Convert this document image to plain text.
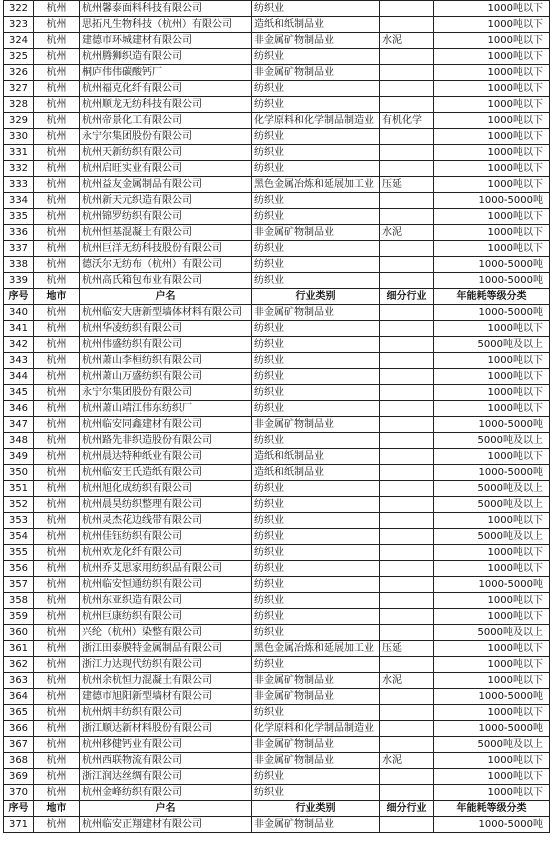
322	杭州	杭州馨泰面料科技有限公司	纺织业		1000吨以下
323	杭州	思拓凡生物科技（杭州）有限公司	造纸和纸制品业		1000吨以下
324	杭州	建德市环城建材有限公司	非金属矿物制品业	水泥	1000吨以下
325	杭州	杭州腾狮织造有限公司	纺织业		1000吨以下
326	杭州	桐庐伟伟碳酸钙厂	非金属矿物制品业		1000吨以下
327	杭州	杭州福克化纤有限公司	纺织业		1000吨以下
328	杭州	杭州顺龙无纺科技有限公司	纺织业		1000吨以下
329	杭州	杭州帝景化工有限公司	化学原料和化学制品制造业	有机化学	1000吨以下
330	杭州	永宁尔集团股份有限公司	纺织业		1000吨以下
331	杭州	杭州天新纺织有限公司	纺织业		1000吨以下
332	杭州	杭州启旺实业有限公司	纺织业		1000吨以下
333	杭州	杭州益友金属制品有限公司	黑色金属冶炼和延展加工业	压延	1000吨以下
334	杭州	杭州新天元织造有限公司	纺织业		1000-5000吨
335	杭州	杭州锦罗纺织有限公司	纺织业		1000吨以下
336	杭州	杭州恒基混凝土有限公司	非金属矿物制品业	水泥	1000吨以下
337	杭州	杭州巨洋无纺科技股份有限公司	纺织业		1000吨以下
338	杭州	德沃尔无纺布（杭州）有限公司	纺织业		1000-5000吨
339	杭州	杭州高氏箱包布业有限公司	纺织业		1000-5000吨
序号	地市	户名	行业类别	细分行业	年能耗等级分类
340	杭州	杭州临安大唐新型墙体材料有限公司	非金属矿物制品业		1000-5000吨
341	杭州	杭州华凌纺织有限公司	纺织业		1000吨以下
342	杭州	杭州伟盛纺织有限公司	纺织业		5000吨及以上
343	杭州	杭州萧山李桓纺织有限公司	纺织业		1000吨以下
344	杭州	杭州萧山万盛纺织有限公司	纺织业		1000吨以下
345	杭州	永宁尔集团股份有限公司	纺织业		1000吨以下
346	杭州	杭州萧山靖江伟东纺织厂	纺织业		1000吨以下
347	杭州	杭州临安同鑫建材有限公司	非金属矿物制品业		1000-5000吨
348	杭州	杭州路先非织造股份有限公司	纺织业		5000吨及以上
349	杭州	杭州晨达特种纸业有限公司	造纸和纸制品业		1000吨以下
350	杭州	杭州临安王氏造纸有限公司	造纸和纸制品业		1000-5000吨
351	杭州	杭州旭化成纺织有限公司	纺织业		5000吨及以上
352	杭州	杭州晨昊纺织整理有限公司	纺织业		5000吨及以上
353	杭州	杭州灵杰花边线带有限公司	纺织业		1000吨以下
354	杭州	杭州佳钰纺织有限公司	纺织业		5000吨及以上
355	杭州	杭州欢龙化纤有限公司	纺织业		1000吨以下
356	杭州	杭州乔艾思家用纺织品有限公司	纺织业		1000吨以下
357	杭州	杭州临安恒通纺织有限公司	纺织业		1000-5000吨
358	杭州	杭州东亚织造有限公司	纺织业		1000吨以下
359	杭州	杭州巨康纺织有限公司	纺织业		1000吨以下
360	杭州	兴纶（杭州）染整有限公司	纺织业		5000吨及以上
361	杭州	浙江田泰膜特金属制品有限公司	黑色金属冶炼和延展加工业	压延	1000吨以下
362	杭州	浙江力达现代纺织有限公司	纺织业		1000吨以下
363	杭州	杭州余杭恒力混凝土有限公司	非金属矿物制品业	水泥	1000吨以下
364	杭州	建德市旭阳新型墙材有限公司	非金属矿物制品业		1000-5000吨
365	杭州	杭州炳丰纺织有限公司	纺织业		1000吨以下
366	杭州	浙江顺达新材料股份有限公司	化学原料和化学制品制造业		1000-5000吨
367	杭州	杭州移健钙业有限公司	非金属矿物制品业		5000吨及以上
368	杭州	杭州西联物流有限公司	非金属矿物制品业	水泥	1000吨以下
369	杭州	浙江润达丝绸有限公司	纺织业		1000吨以下
370	杭州	杭州金峰纺织有限公司	纺织业		1000吨以下
序号	地市	户名	行业类别	细分行业	年能耗等级分类
371	杭州	杭州临安正翔建材有限公司	非金属矿物制品业		1000-5000吨
